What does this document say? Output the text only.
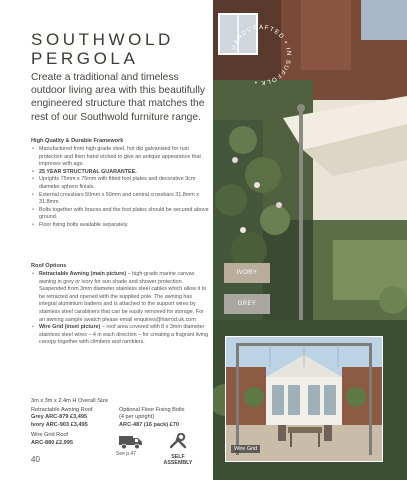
SOUTHWOLD
PERGOLA
Create a traditional and timeless outdoor living area with this beautifully engineered structure that matches the rest of our Southwold furniture range.
High Quality & Durable Framework
• Manufactured from high grade steel, hot dip galvanised for rust protection and then hand etched to give an antique appearance that improves with age.
• 25 YEAR STRUCTURAL GUARANTEE.
• Uprights 75mm x 75mm with fitted foot plates and decorative 9cm diameter sphere finials.
• External crossbars 50mm x 50mm and central crossbars 31.8mm x 31.8mm.
• Bolts together with braces and the foot plates should be secured above ground.
• Floor fixing bolts available separately.
Roof Options
• Retractable Awning (main picture) – high-grade marine canvas awning in grey or ivory for sun shade and shower protection. Suspended from 3mm diameter stainless steel cables which allow it to be retracted and opened with the supplied pole. The awning has integral aluminium battens and is attached to the support wires by stainless steel carabiners that can be easily removed for storage. For an awning sample swatch please email enquiries@harrod.uk.com
• Wire Grid (inset picture) – roof area covered with 8 x 3mm diameter stainless steel wires – 4 in each direction – for creating a fragrant living canopy together with climbers and ramblers.
3m x 3m x 2.4m H Overall Size
Retractable Awning Roof
Grey ARC-879 £3,495
Ivory ARC-903 £3,495
Wire Grid Roof
ARC-880 £2,995
Optional Floor Fixing Bolts
(4 per upright)
ARC-487 (16 pack) £70
See p.47	SELF ASSEMBLY
40
HANDCRAFTED • IN SUFFOLK •
IVORY
GREY
Wire Grid
